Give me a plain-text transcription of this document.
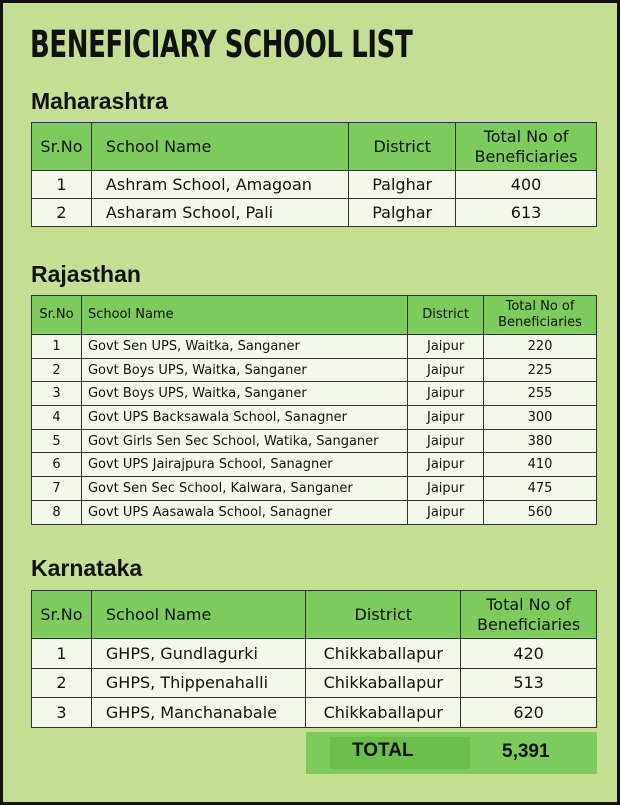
BENEFICIARY SCHOOL LIST
Maharashtra
Sr.No	School Name	District	Total No of Beneficiaries
1	Ashram School, Amagoan	Palghar	400
2	Asharam School, Pali	Palghar	613
Rajasthan
Sr.No	School Name	District	Total No of Beneficiaries
1	Govt Sen UPS, Waitka, Sanganer	Jaipur	220
2	Govt Boys UPS, Waitka, Sanganer	Jaipur	225
3	Govt Boys UPS, Waitka, Sanganer	Jaipur	255
4	Govt UPS Backsawala School, Sanagner	Jaipur	300
5	Govt Girls Sen Sec School, Watika, Sanganer	Jaipur	380
6	Govt UPS Jairajpura School, Sanagner	Jaipur	410
7	Govt Sen Sec School, Kalwara, Sanganer	Jaipur	475
8	Govt UPS Aasawala School, Sanagner	Jaipur	560
Karnataka
Sr.No	School Name	District	Total No of Beneficiaries
1	GHPS, Gundlagurki	Chikkaballapur	420
2	GHPS, Thippenahalli	Chikkaballapur	513
3	GHPS, Manchanabale	Chikkaballapur	620
TOTAL	5,391
